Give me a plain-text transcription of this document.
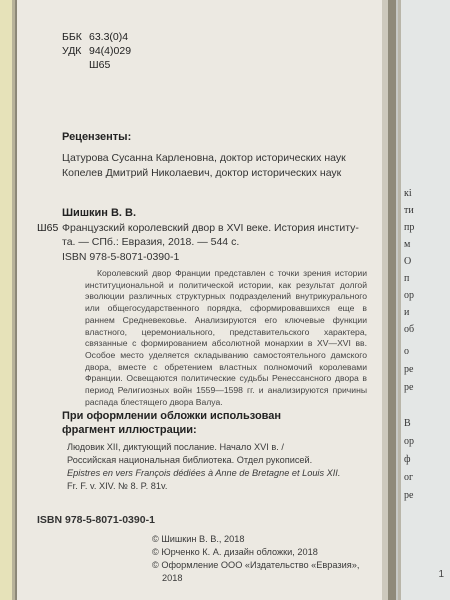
кі
ти
пр
м
О
п
ор
и
об
о
ре
ре
В
ор
ф
ог
ре
1
ББК 63.3(0)4
УДК 94(4)029
Ш65
Рецензенты:
Цатурова Сусанна Карленовна, доктор исторических наук
Копелев Дмитрий Николаевич, доктор исторических наук
Ш65
Шишкин В. В.
Французский королевский двор в XVI веке. История институ-
та. — СПб.: Евразия, 2018. — 544 с.
ISBN 978-5-8071-0390-1

Королевский двор Франции представлен с точки зрения истории институциональной и политической истории, как результат долгой эволюции различных структурных подразделений внутрикурального или общегосударственного порядка, сформировавшихся еще в раннем Средневековье. Анализируются его ключевые функции властного, церемониального, представительского характера, связанные с формированием абсолютной монархии в XV—XVI вв. Особое место уделяется складыванию самостоятельного дамского двора, вместе с обретением властных полномочий королевами Франции. Освещаются политические судьбы Ренессансного двора в период Религиозных войн 1559—1598 гг. и анализируются причины распада блестящего двора Валуа.

При оформлении обложки использован
фрагмент иллюстрации:
Людовик XII, диктующий послание. Начало XVI в. /
Российская национальная библиотека. Отдел рукописей.
Epistres en vers François dédiées à Anne de Bretagne et Louis XII.
Fr. F. v. XIV. № 8. P. 81v.
ISBN 978-5-8071-0390-1
© Шишкин В. В., 2018
© Юрченко К. А. дизайн обложки, 2018
© Оформление ООО «Издательство «Евразия»,
2018
